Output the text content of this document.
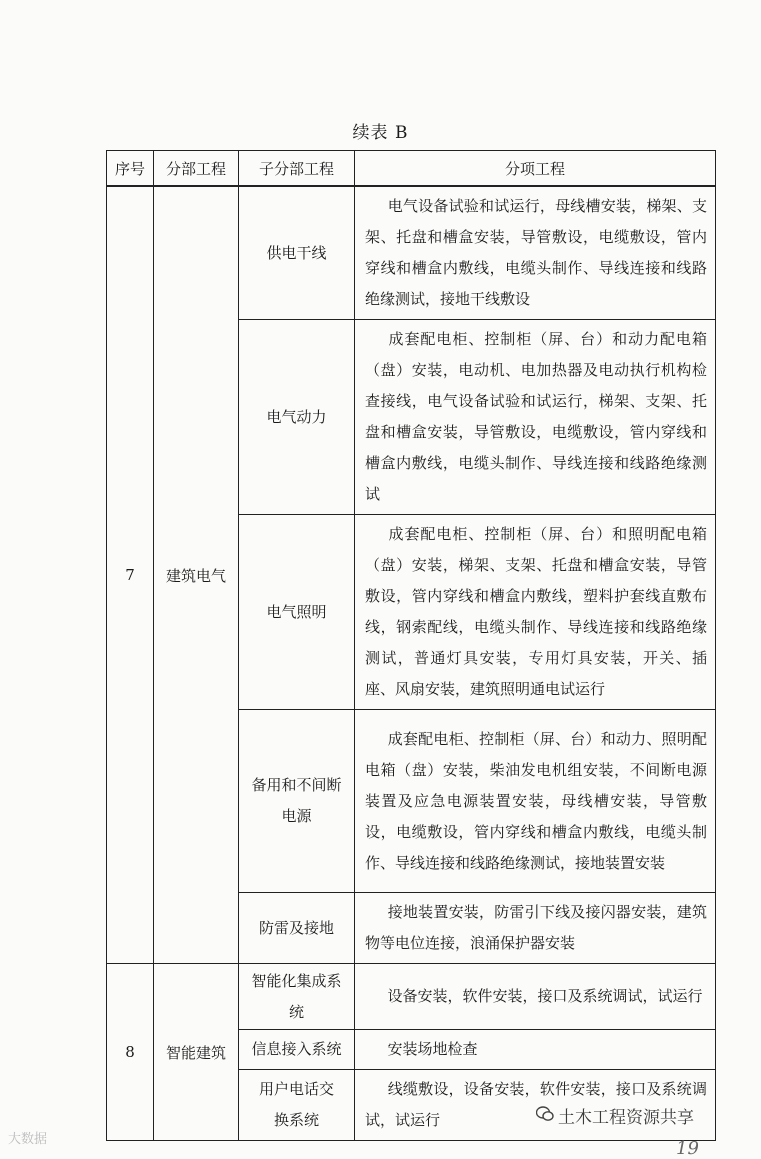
续表 B
序号	分部工程	子分部工程	分项工程
7	建筑电气	供电干线	电气设备试验和试运行，母线槽安装，梯架、支架、托盘和槽盒安装，导管敷设，电缆敷设，管内穿线和槽盒内敷线，电缆头制作、导线连接和线路绝缘测试，接地干线敷设
		电气动力	成套配电柜、控制柜（屏、台）和动力配电箱（盘）安装，电动机、电加热器及电动执行机构检查接线，电气设备试验和试运行，梯架、支架、托盘和槽盒安装，导管敷设，电缆敷设，管内穿线和槽盒内敷线，电缆头制作、导线连接和线路绝缘测试
		电气照明	成套配电柜、控制柜（屏、台）和照明配电箱（盘）安装，梯架、支架、托盘和槽盒安装，导管敷设，管内穿线和槽盒内敷线，塑料护套线直敷布线，钢索配线，电缆头制作、导线连接和线路绝缘测试，普通灯具安装，专用灯具安装，开关、插座、风扇安装，建筑照明通电试运行
		备用和不间断电源	成套配电柜、控制柜（屏、台）和动力、照明配电箱（盘）安装，柴油发电机组安装，不间断电源装置及应急电源装置安装，母线槽安装，导管敷设，电缆敷设，管内穿线和槽盒内敷线，电缆头制作、导线连接和线路绝缘测试，接地装置安装
		防雷及接地	接地装置安装，防雷引下线及接闪器安装，建筑物等电位连接，浪涌保护器安装
8	智能建筑	智能化集成系统	设备安装，软件安装，接口及系统调试，试运行
		信息接入系统	安装场地检查
		用户电话交换系统	线缆敷设，设备安装，软件安装，接口及系统调试，试运行	土木工程资源共享
大数据	19
